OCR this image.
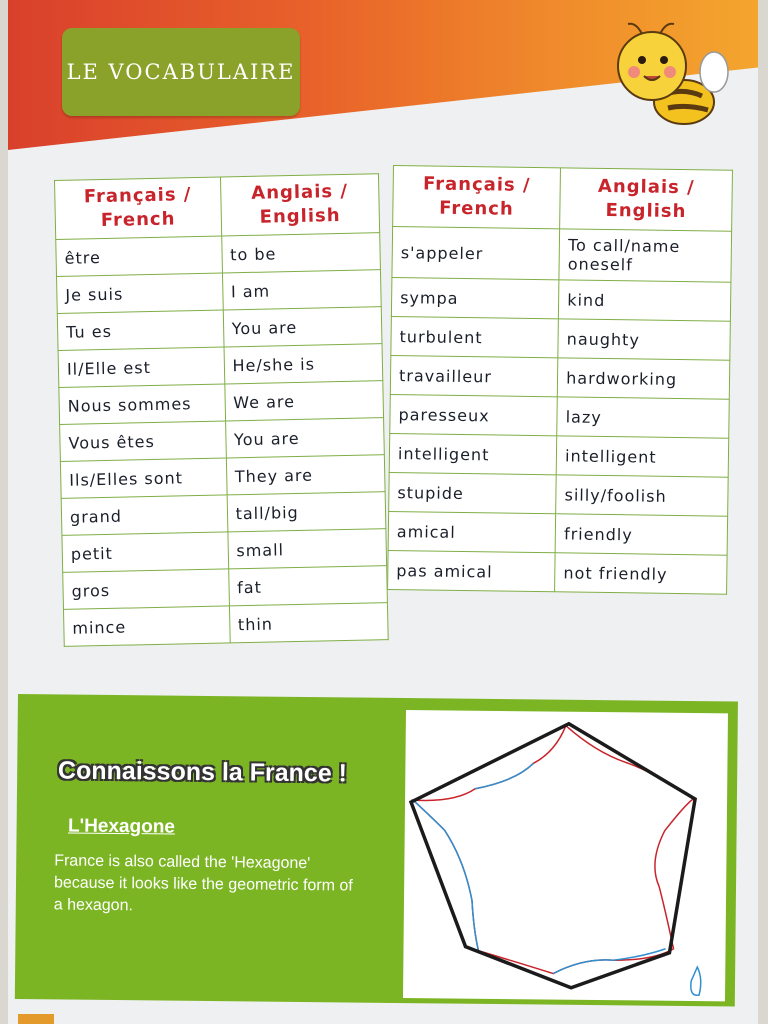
LE VOCABULAIRE
Français / French	Anglais / English
être	to be
Je suis	I am
Tu es	You are
Il/Elle est	He/she is
Nous sommes	We are
Vous êtes	You are
Ils/Elles sont	They are
grand	tall/big
petit	small
gros	fat
mince	thin
Français / French	Anglais / English
s'appeler	To call/name oneself
sympa	kind
turbulent	naughty
travailleur	hardworking
paresseux	lazy
intelligent	intelligent
stupide	silly/foolish
amical	friendly
pas amical	not friendly
Connaissons la France !
L'Hexagone
France is also called the 'Hexagone' because it looks like the geometric form of a hexagon.
